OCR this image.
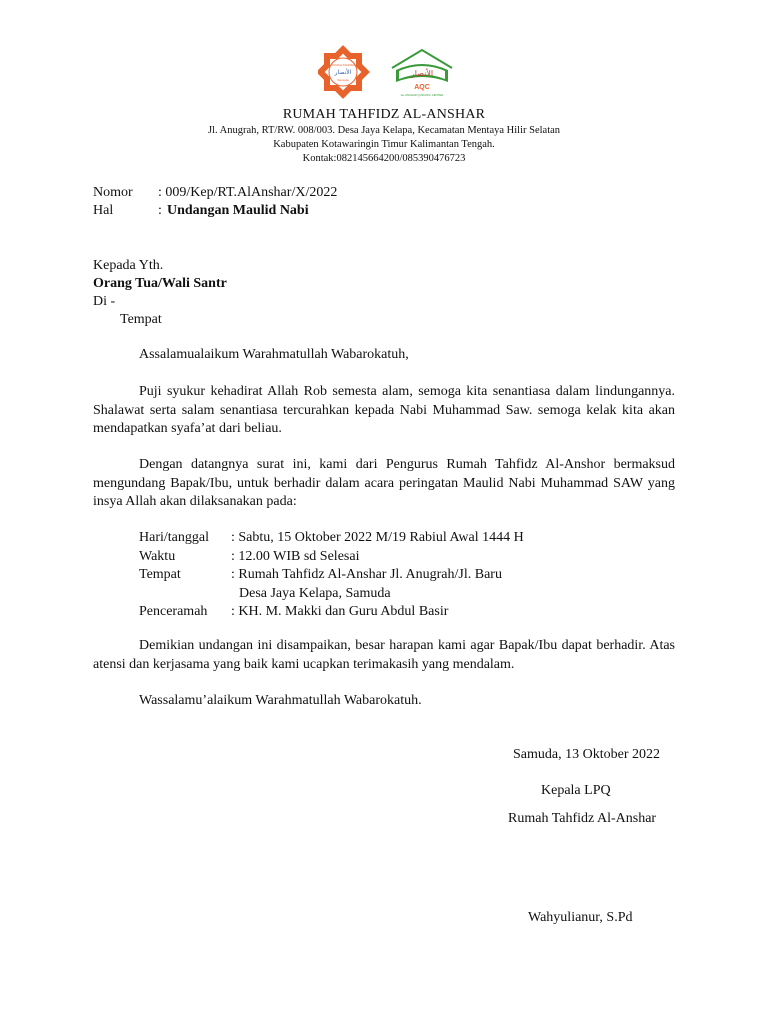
RUMAH TAHFIDZ
الأنصار
Samuda
الأنصار
AQC
AL-ANSHAR QUR'ANIC CENTER
RUMAH TAHFIDZ AL-ANSHAR
Jl. Anugrah, RT/RW. 008/003. Desa Jaya Kelapa, Kecamatan Mentaya Hilir Selatan
Kabupaten Kotawaringin Timur Kalimantan Tengah.
Kontak:082145664200/085390476723
Nomor : 009/Kep/RT.AlAnshar/X/2022
Hal	: Undangan Maulid Nabi
Kepada Yth.
Orang Tua/Wali Santr
Di -
Tempat
Assalamualaikum Warahmatullah Wabarokatuh,
Puji syukur kehadirat Allah Rob semesta alam, semoga kita senantiasa dalam lindungannya. Shalawat serta salam senantiasa tercurahkan kepada Nabi Muhammad Saw. semoga kelak kita akan mendapatkan syafa’at dari beliau.
Dengan datangnya surat ini, kami dari Pengurus Rumah Tahfidz Al-Anshor bermaksud mengundang Bapak/Ibu, untuk berhadir dalam acara peringatan Maulid Nabi Muhammad SAW yang insya Allah akan dilaksanakan pada:
Hari/tanggal : Sabtu, 15 Oktober 2022 M/19 Rabiul Awal 1444 H
Waktu	: 12.00 WIB sd Selesai
Tempat	: Rumah Tahfidz Al-Anshar Jl. Anugrah/Jl. Baru
Desa Jaya Kelapa, Samuda
Penceramah : KH. M. Makki dan Guru Abdul Basir
Demikian undangan ini disampaikan, besar harapan kami agar Bapak/Ibu dapat berhadir. Atas atensi dan kerjasama yang baik kami ucapkan terimakasih yang mendalam.
Wassalamu’alaikum Warahmatullah Wabarokatuh.
Samuda, 13 Oktober 2022
Kepala LPQ
Rumah Tahfidz Al-Anshar
Wahyulianur, S.Pd
